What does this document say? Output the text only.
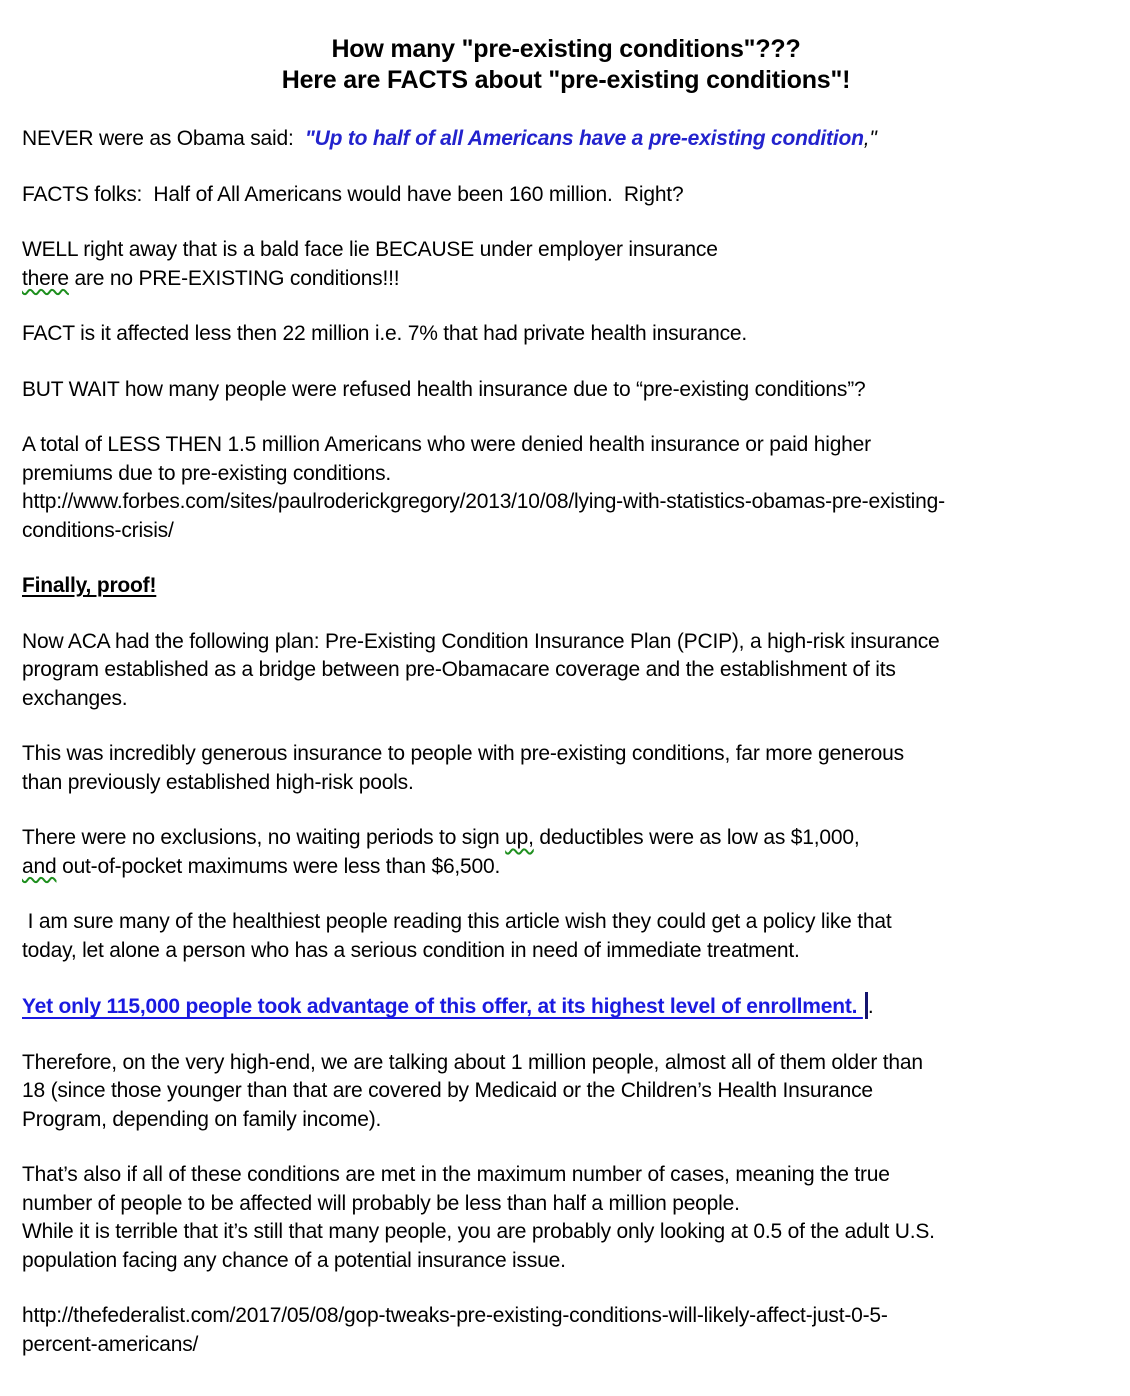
How many "pre-existing conditions"???
Here are FACTS about "pre-existing conditions"!
NEVER were as Obama said:  "Up to half of all Americans have a pre-existing condition,"
FACTS folks:  Half of All Americans would have been 160 million.  Right?
WELL right away that is a bald face lie BECAUSE under employer insurance
there are no PRE-EXISTING conditions!!!
FACT is it affected less then 22 million i.e. 7% that had private health insurance.
BUT WAIT how many people were refused health insurance due to “pre-existing conditions”?
A total of LESS THEN 1.5 million Americans who were denied health insurance or paid higher
premiums due to pre-existing conditions.
http://www.forbes.com/sites/paulroderickgregory/2013/10/08/lying-with-statistics-obamas-pre-existing-
conditions-crisis/
Finally, proof!
Now ACA had the following plan: Pre-Existing Condition Insurance Plan (PCIP), a high-risk insurance
program established as a bridge between pre-Obamacare coverage and the establishment of its
exchanges.
This was incredibly generous insurance to people with pre-existing conditions, far more generous
than previously established high-risk pools.
There were no exclusions, no waiting periods to sign up, deductibles were as low as $1,000,
and out-of-pocket maximums were less than $6,500.
I am sure many of the healthiest people reading this article wish they could get a policy like that
today, let alone a person who has a serious condition in need of immediate treatment.
Yet only 115,000 people took advantage of this offer, at its highest level of enrollment. .
Therefore, on the very high-end, we are talking about 1 million people, almost all of them older than
18 (since those younger than that are covered by Medicaid or the Children’s Health Insurance
Program, depending on family income).
That’s also if all of these conditions are met in the maximum number of cases, meaning the true
number of people to be affected will probably be less than half a million people.
While it is terrible that it’s still that many people, you are probably only looking at 0.5 of the adult U.S.
population facing any chance of a potential insurance issue.
http://thefederalist.com/2017/05/08/gop-tweaks-pre-existing-conditions-will-likely-affect-just-0-5-
percent-americans/
